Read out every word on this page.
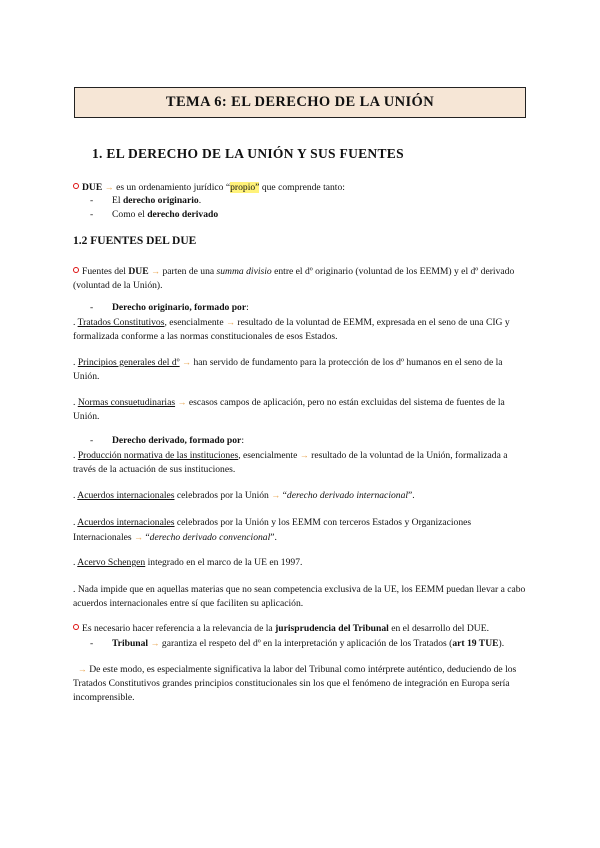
TEMA 6: EL DERECHO DE LA UNIÓN
1. EL DERECHO DE LA UNIÓN Y SUS FUENTES
DUE → es un ordenamiento jurídico “propio” que comprende tanto:
- El derecho originario.
- Como el derecho derivado
1.2 FUENTES DEL DUE
Fuentes del DUE → parten de una summa divisio entre el dº originario (voluntad de los EEMM) y el dº derivado (voluntad de la Unión).
- Derecho originario, formado por:
. Tratados Constitutivos, esencialmente → resultado de la voluntad de EEMM, expresada en el seno de una CIG y formalizada conforme a las normas constitucionales de esos Estados.
. Principios generales del dº → han servido de fundamento para la protección de los dº humanos en el seno de la Unión.
. Normas consuetudinarias → escasos campos de aplicación, pero no están excluidas del sistema de fuentes de la Unión.
- Derecho derivado, formado por:
. Producción normativa de las instituciones, esencialmente → resultado de la voluntad de la Unión, formalizada a través de la actuación de sus instituciones.
. Acuerdos internacionales celebrados por la Unión → “derecho derivado internacional”.
. Acuerdos internacionales celebrados por la Unión y los EEMM con terceros Estados y Organizaciones Internacionales → “derecho derivado convencional”.
. Acervo Schengen integrado en el marco de la UE en 1997.
. Nada impide que en aquellas materias que no sean competencia exclusiva de la UE, los EEMM puedan llevar a cabo acuerdos internacionales entre sí que faciliten su aplicación.
Es necesario hacer referencia a la relevancia de la jurisprudencia del Tribunal en el desarrollo del DUE.
- Tribunal → garantiza el respeto del dº en la interpretación y aplicación de los Tratados (art 19 TUE).
→ De este modo, es especialmente significativa la labor del Tribunal como intérprete auténtico, deduciendo de los Tratados Constitutivos grandes principios constitucionales sin los que el fenómeno de integración en Europa sería incomprensible.
